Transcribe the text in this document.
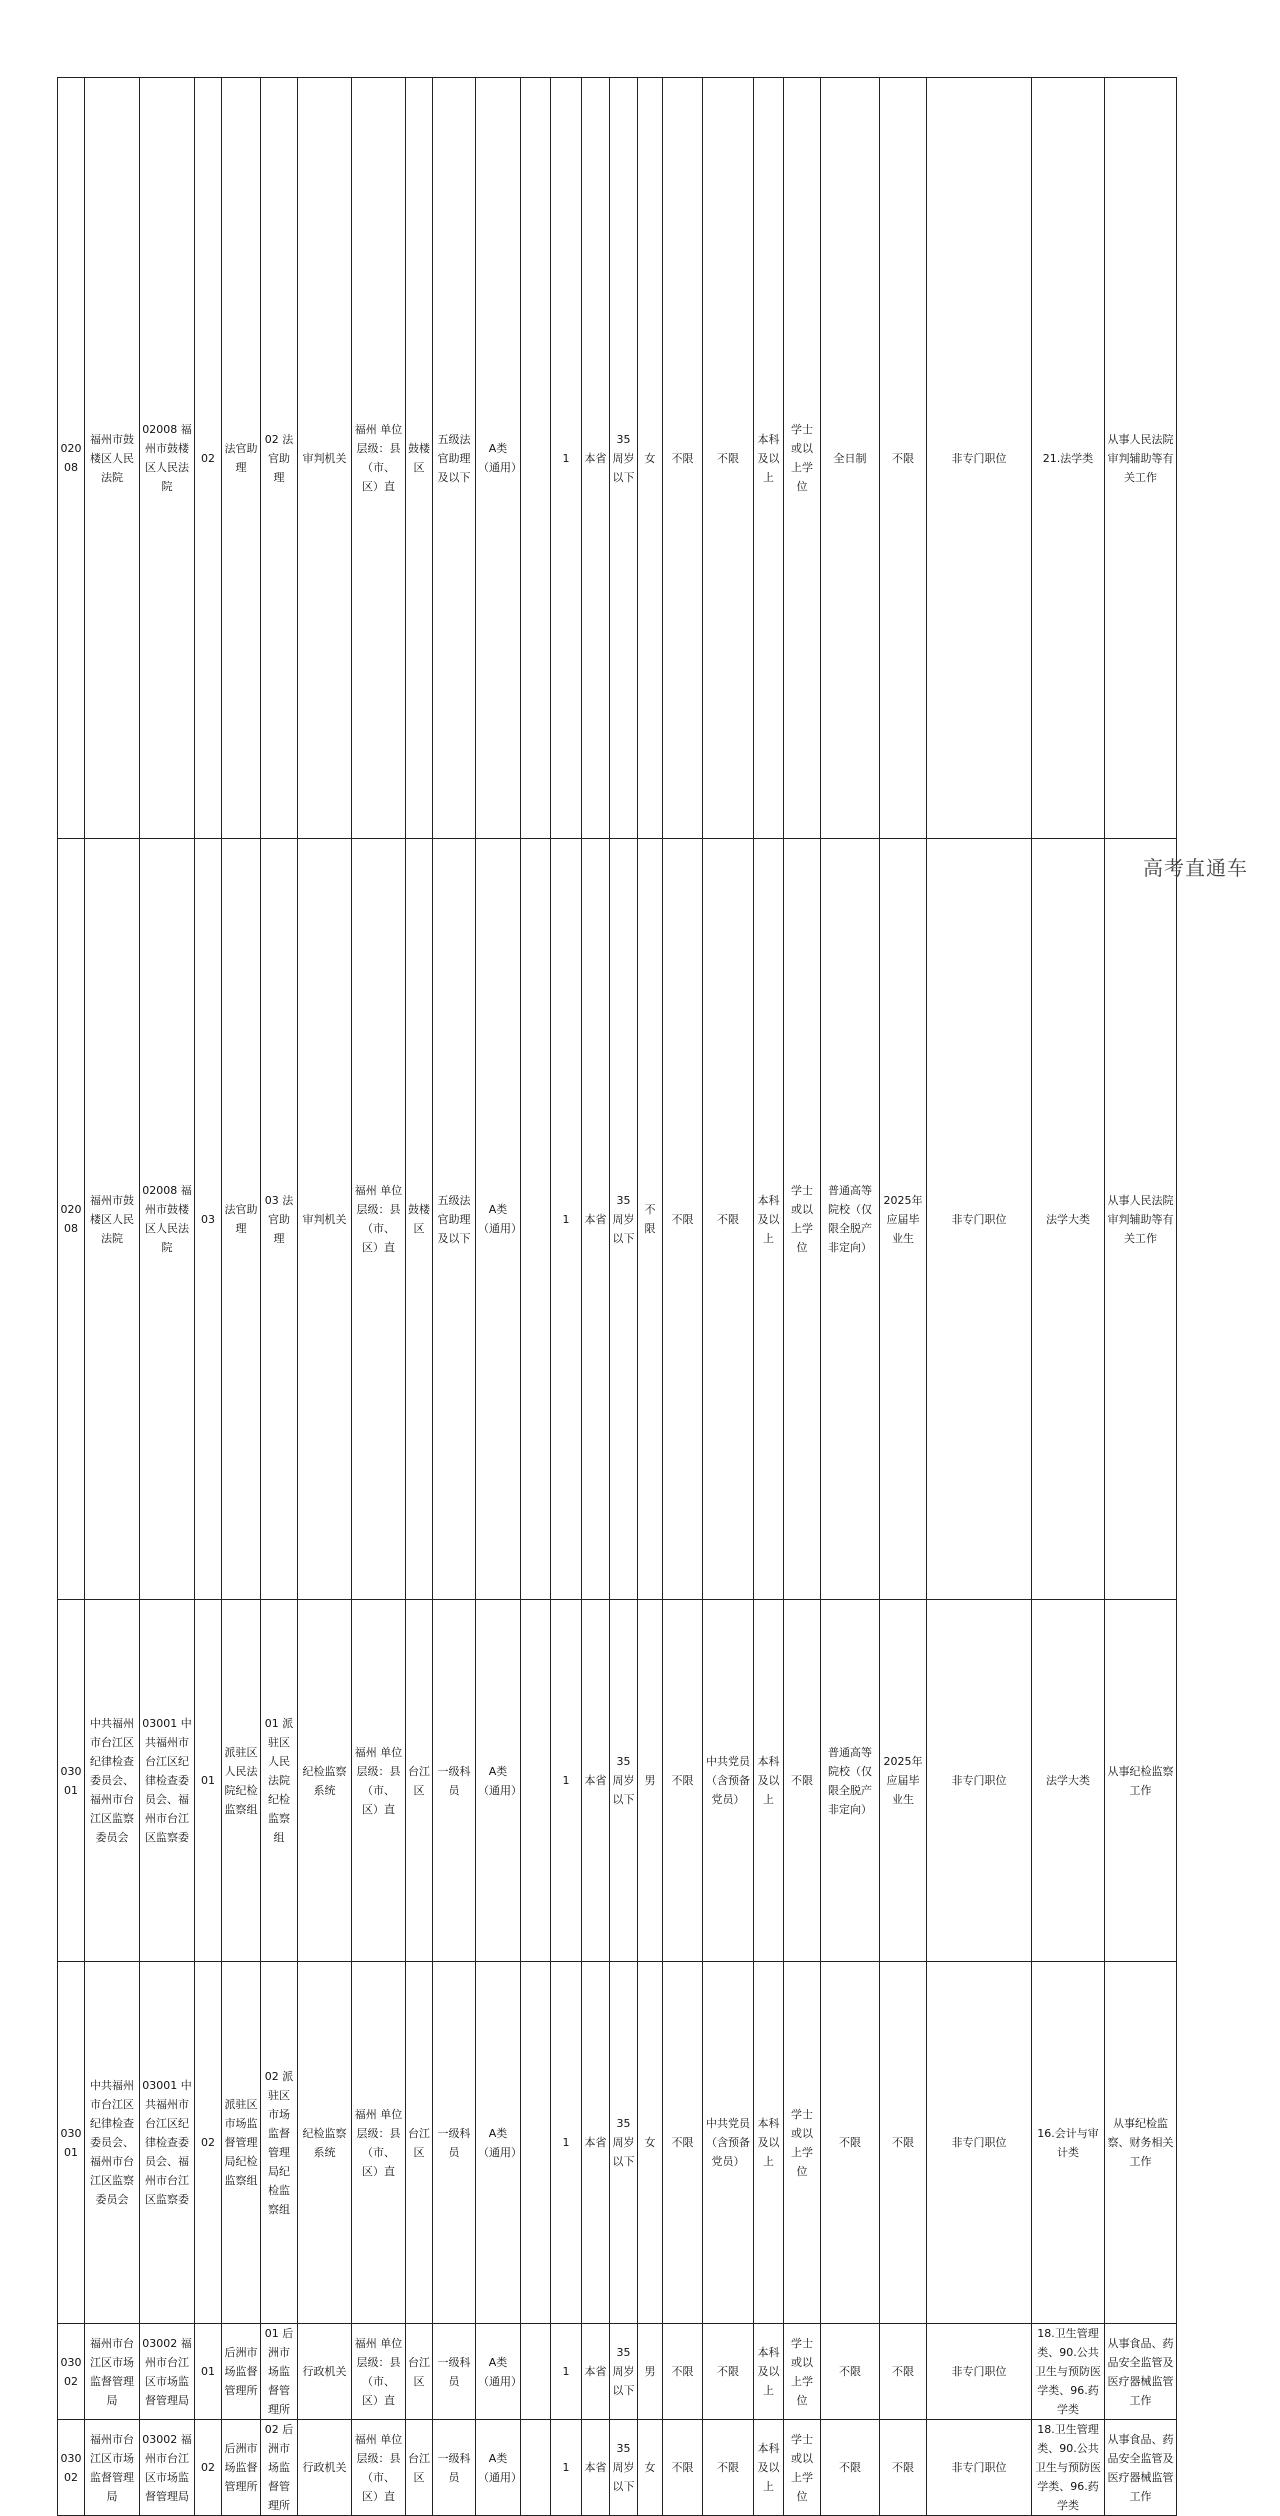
02008	福州市鼓楼区人民法院	02008 福州市鼓楼区人民法院	02	法官助理	02 法官助理	审判机关	福州 单位层级：县（市、区）直	鼓楼区	五级法官助理及以下	A类（通用）		1	本省	35周岁以下	女	不限	不限	本科及以上	学士或以上学位	全日制	不限	非专门职位	21.法学类	从事人民法院审判辅助等有关工作	
02008	福州市鼓楼区人民法院	02008 福州市鼓楼区人民法院	03	法官助理	03 法官助理	审判机关	福州 单位层级：县（市、区）直	鼓楼区	五级法官助理及以下	A类（通用）		1	本省	35周岁以下	不限	不限	不限	本科及以上	学士或以上学位	普通高等院校（仅限全脱产非定向）	2025年应届毕业生	非专门职位	法学大类	从事人民法院审判辅助等有关工作	
03001	中共福州市台江区纪律检查委员会、福州市台江区监察委员会	03001 中共福州市台江区纪律检查委员会、福州市台江区监察委	01	派驻区人民法院纪检监察组	01 派驻区人民法院纪检监察组	纪检监察系统	福州 单位层级：县（市、区）直	台江区	一级科员	A类（通用）		1	本省	35周岁以下	男	不限	中共党员（含预备党员）	本科及以上	不限	普通高等院校（仅限全脱产非定向）	2025年应届毕业生	非专门职位	法学大类	从事纪检监察工作	
03001	中共福州市台江区纪律检查委员会、福州市台江区监察委员会	03001 中共福州市台江区纪律检查委员会、福州市台江区监察委	02	派驻区市场监督管理局纪检监察组	02 派驻区市场监督管理局纪检监察组	纪检监察系统	福州 单位层级：县（市、区）直	台江区	一级科员	A类（通用）		1	本省	35周岁以下	女	不限	中共党员（含预备党员）	本科及以上	学士或以上学位	不限	不限	非专门职位	16.会计与审计类	从事纪检监察、财务相关工作	
03002	福州市台江区市场监督管理局	03002 福州市台江区市场监督管理局	01	后洲市场监督管理所	01 后洲市场监督管理所	行政机关	福州 单位层级：县（市、区）直	台江区	一级科员	A类（通用）		1	本省	35周岁以下	男	不限	不限	本科及以上	学士或以上学位	不限	不限	非专门职位	18.卫生管理类、90.公共卫生与预防医学类、96.药学类	从事食品、药品安全监管及医疗器械监管工作	
03002	福州市台江区市场监督管理局	03002 福州市台江区市场监督管理局	02	后洲市场监督管理所	02 后洲市场监督管理所	行政机关	福州 单位层级：县（市、区）直	台江区	一级科员	A类（通用）		1	本省	35周岁以下	女	不限	不限	本科及以上	学士或以上学位	不限	不限	非专门职位	18.卫生管理类、90.公共卫生与预防医学类、96.药学类	从事食品、药品安全监管及医疗器械监管工作	
高考直通车
